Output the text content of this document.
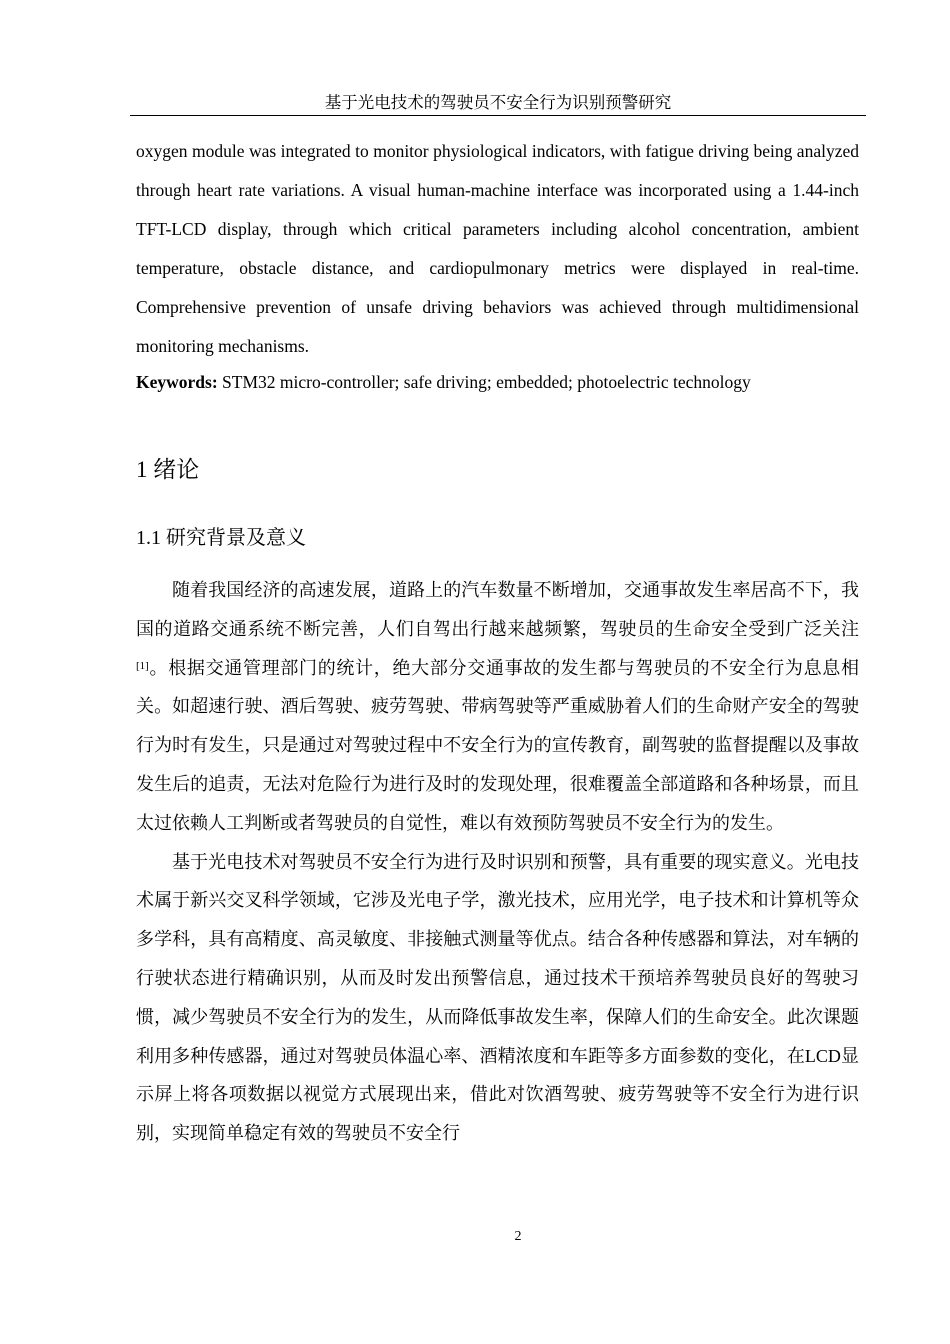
基于光电技术的驾驶员不安全行为识别预警研究
oxygen module was integrated to monitor physiological indicators, with fatigue driving being analyzed through heart rate variations. A visual human-machine interface was incorporated using a 1.44-inch TFT-LCD display, through which critical parameters including alcohol concentration, ambient temperature, obstacle distance, and cardiopulmonary metrics were displayed in real-time. Comprehensive prevention of unsafe driving behaviors was achieved through multidimensional monitoring mechanisms.
Keywords: STM32 micro-controller; safe driving; embedded; photoelectric technology
1 绪论
1.1 研究背景及意义

随着我国经济的高速发展，道路上的汽车数量不断增加，交通事故发生率居高不下，我国的道路交通系统不断完善，人们自驾出行越来越频繁，驾驶员的生命安全受到广泛关注[1]。根据交通管理部门的统计，绝大部分交通事故的发生都与驾驶员的不安全行为息息相关。如超速行驶、酒后驾驶、疲劳驾驶、带病驾驶等严重威胁着人们的生命财产安全的驾驶行为时有发生，只是通过对驾驶过程中不安全行为的宣传教育，副驾驶的监督提醒以及事故发生后的追责，无法对危险行为进行及时的发现处理，很难覆盖全部道路和各种场景，而且太过依赖人工判断或者驾驶员的自觉性，难以有效预防驾驶员不安全行为的发生。

基于光电技术对驾驶员不安全行为进行及时识别和预警，具有重要的现实意义。光电技术属于新兴交叉科学领域，它涉及光电子学，激光技术，应用光学，电子技术和计算机等众多学科，具有高精度、高灵敏度、非接触式测量等优点。结合各种传感器和算法，对车辆的行驶状态进行精确识别，从而及时发出预警信息，通过技术干预培养驾驶员良好的驾驶习惯，减少驾驶员不安全行为的发生，从而降低事故发生率，保障人们的生命安全。此次课题利用多种传感器，通过对驾驶员体温心率、酒精浓度和车距等多方面参数的变化，在LCD显示屏上将各项数据以视觉方式展现出来，借此对饮酒驾驶、疲劳驾驶等不安全行为进行识别，实现简单稳定有效的驾驶员不安全行

2
